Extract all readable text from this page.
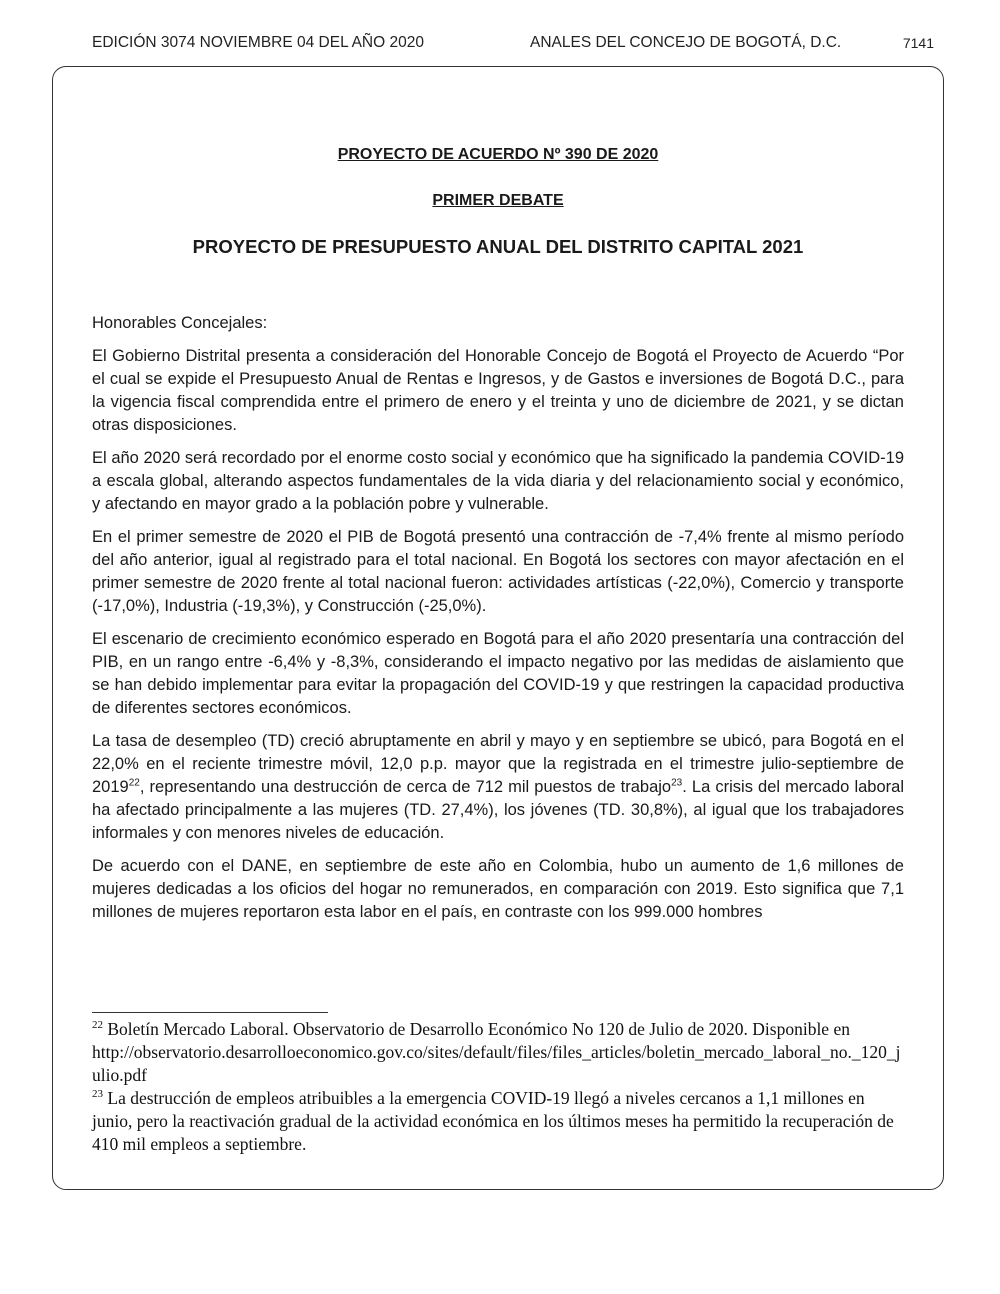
EDICIÓN 3074 NOVIEMBRE 04 DEL AÑO 2020	ANALES DEL CONCEJO DE BOGOTÁ, D.C.	7141
PROYECTO DE ACUERDO Nº 390 DE 2020
PRIMER DEBATE
PROYECTO DE PRESUPUESTO ANUAL DEL DISTRITO CAPITAL 2021

Honorables Concejales:

El Gobierno Distrital presenta a consideración del Honorable Concejo de Bogotá el Proyecto de Acuerdo “Por el cual se expide el Presupuesto Anual de Rentas e Ingresos, y de Gastos e inversiones de Bogotá D.C., para la vigencia fiscal comprendida entre el primero de enero y el treinta y uno de diciembre de 2021, y se dictan otras disposiciones.

El año 2020 será recordado por el enorme costo social y económico que ha significado la pandemia COVID-19 a escala global, alterando aspectos fundamentales de la vida diaria y del relacionamiento social y económico, y afectando en mayor grado a la población pobre y vulnerable.

En el primer semestre de 2020 el PIB de Bogotá presentó una contracción de -7,4% frente al mismo período del año anterior, igual al registrado para el total nacional. En Bogotá los sectores con mayor afectación en el primer semestre de 2020 frente al total nacional fueron: actividades artísticas (-22,0%), Comercio y transporte (-17,0%), Industria (-19,3%), y Construcción (-25,0%).

El escenario de crecimiento económico esperado en Bogotá para el año 2020 presentaría una contracción del PIB, en un rango entre -6,4% y -8,3%, considerando el impacto negativo por las medidas de aislamiento que se han debido implementar para evitar la propagación del COVID-19 y que restringen la capacidad productiva de diferentes sectores económicos.

La tasa de desempleo (TD) creció abruptamente en abril y mayo y en septiembre se ubicó, para Bogotá en el 22,0% en el reciente trimestre móvil, 12,0 p.p. mayor que la registrada en el trimestre julio-septiembre de 2019$^{22}$, representando una destrucción de cerca de 712 mil puestos de trabajo$^{23}$. La crisis del mercado laboral ha afectado principalmente a las mujeres (TD. 27,4%), los jóvenes (TD. 30,8%), al igual que los trabajadores informales y con menores niveles de educación.

De acuerdo con el DANE, en septiembre de este año en Colombia, hubo un aumento de 1,6 millones de mujeres dedicadas a los oficios del hogar no remunerados, en comparación con 2019. Esto significa que 7,1 millones de mujeres reportaron esta labor en el país, en contraste con los 999.000 hombres

$^{22}$ Boletín Mercado Laboral. Observatorio de Desarrollo Económico No 120 de Julio de 2020. Disponible en
http://observatorio.desarrolloeconomico.gov.co/sites/default/files/files_articles/boletin_mercado_laboral_no._120_julio.pdf

$^{23}$ La destrucción de empleos atribuibles a la emergencia COVID-19 llegó a niveles cercanos a 1,1 millones en junio, pero la reactivación gradual de la actividad económica en los últimos meses ha permitido la recuperación de 410 mil empleos a septiembre.
